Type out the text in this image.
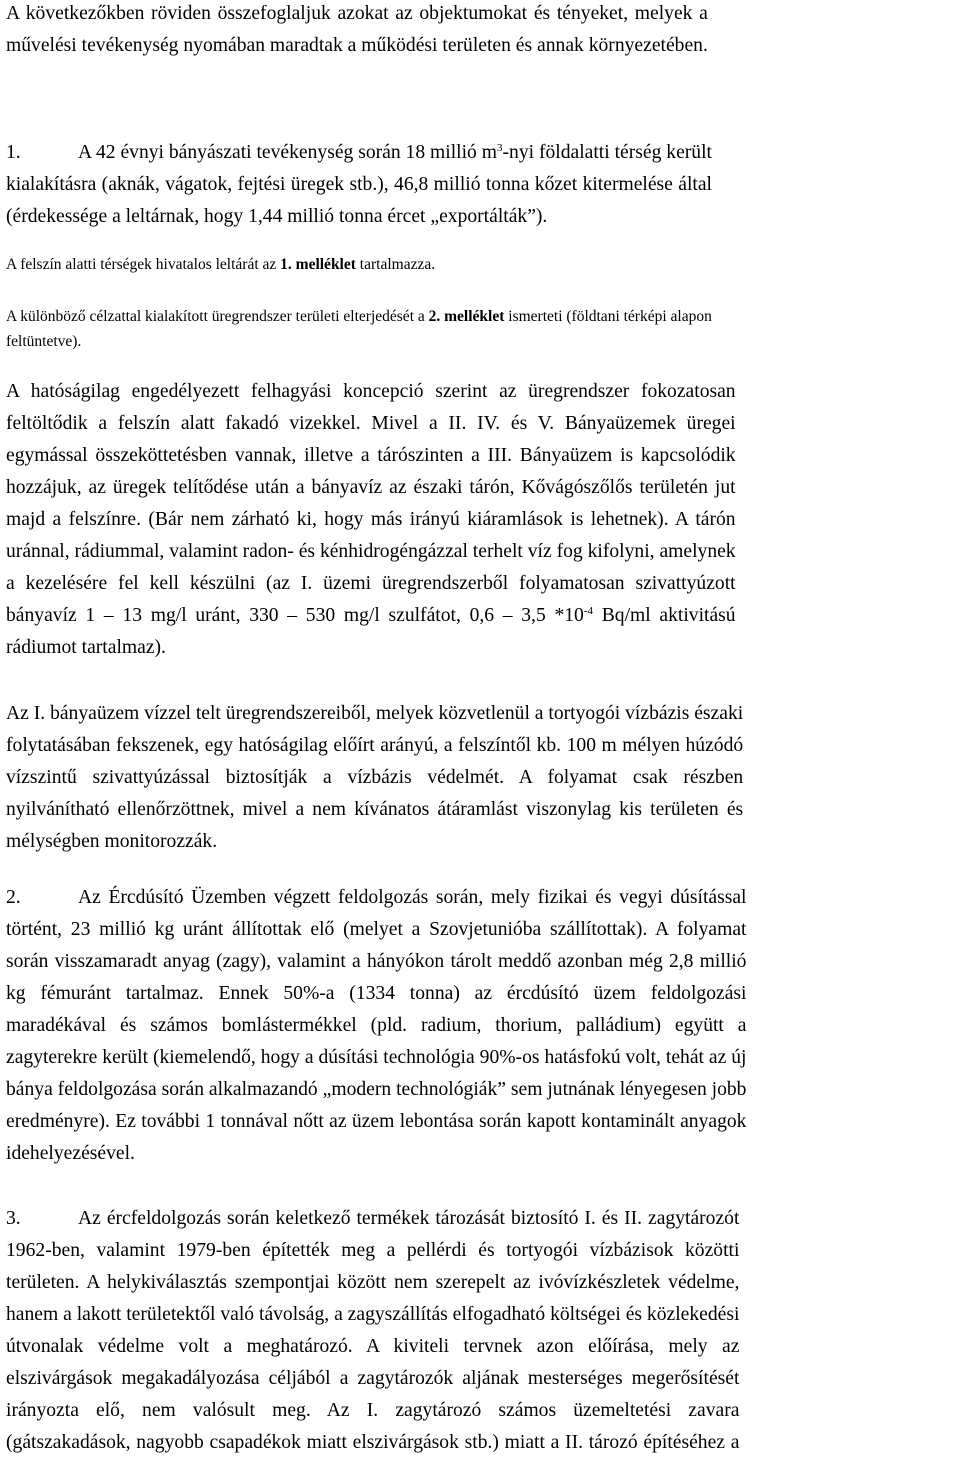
A következőkben röviden összefoglaljuk azokat az objektumokat és tényeket, melyek a
művelési tevékenység nyomában maradtak a működési területen és annak környezetében.
1.	A 42 évnyi bányászati tevékenység során 18 millió $m^3$-nyi földalatti térség került
kialakításra (aknák, vágatok, fejtési üregek stb.), 46,8 millió tonna kőzet kitermelése által
(érdekessége a leltárnak, hogy 1,44 millió tonna ércet „exportálták”).
A felszín alatti térségek hivatalos leltárát az 1. melléklet tartalmazza.
A különböző célzattal kialakított üregrendszer területi elterjedését a 2. melléklet ismerteti (földtani térképi alapon
feltüntetve).
A hatóságilag engedélyezett felhagyási koncepció szerint az üregrendszer fokozatosan
feltöltődik a felszín alatt fakadó vizekkel. Mivel a II. IV. és V. Bányaüzemek üregei
egymással összeköttetésben vannak, illetve a tárószinten a III. Bányaüzem is kapcsolódik
hozzájuk, az üregek telítődése után a bányavíz az északi tárón, Kővágószőlős területén jut
majd a felszínre. (Bár nem zárható ki, hogy más irányú kiáramlások is lehetnek). A tárón
uránnal, rádiummal, valamint radon- és kénhidrogéngázzal terhelt víz fog kifolyni, amelynek
a kezelésére fel kell készülni (az I. üzemi üregrendszerből folyamatosan szivattyúzott
bányavíz 1 – 13 mg/l uránt, 330 – 530 mg/l szulfátot, 0,6 – 3,5 $*10^{-4}$ Bq/ml aktivitású
rádiumot tartalmaz).
Az I. bányaüzem vízzel telt üregrendszereiből, melyek közvetlenül a tortyogói vízbázis északi
folytatásában fekszenek, egy hatóságilag előírt arányú, a felszíntől kb. 100 m mélyen húzódó
vízszintű szivattyúzással biztosítják a vízbázis védelmét. A folyamat csak részben
nyilvánítható ellenőrzöttnek, mivel a nem kívánatos átáramlást viszonylag kis területen és
mélységben monitorozzák.
2.	Az Ércdúsító Üzemben végzett feldolgozás során, mely fizikai és vegyi dúsítással
történt, 23 millió kg uránt állítottak elő (melyet a Szovjetunióba szállítottak). A folyamat
során visszamaradt anyag (zagy), valamint a hányókon tárolt meddő azonban még 2,8 millió
kg fémuránt tartalmaz. Ennek 50%-a (1334 tonna) az ércdúsító üzem feldolgozási
maradékával és számos bomlástermékkel (pld. radium, thorium, palládium) együtt a
zagyterekre került (kiemelendő, hogy a dúsítási technológia 90%-os hatásfokú volt, tehát az új
bánya feldolgozása során alkalmazandó „modern technológiák” sem jutnának lényegesen jobb
eredményre). Ez további 1 tonnával nőtt az üzem lebontása során kapott kontaminált anyagok
idehelyezésével.
3.	Az ércfeldolgozás során keletkező termékek tározását biztosító I. és II. zagytározót
1962-ben, valamint 1979-ben építették meg a pellérdi és tortyogói vízbázisok közötti
területen. A helykiválasztás szempontjai között nem szerepelt az ivóvízkészletek védelme,
hanem a lakott területektől való távolság, a zagyszállítás elfogadható költségei és közlekedési
útvonalak védelme volt a meghatározó. A kiviteli tervnek azon előírása, mely az
elszivárgások megakadályozása céljából a zagytározók aljának mesterséges megerősítését
irányozta elő, nem valósult meg. Az I. zagytározó számos üzemeltetési zavara
(gátszakadások, nagyobb csapadékok miatt elszivárgások stb.) miatt a II. tározó építéséhez a
